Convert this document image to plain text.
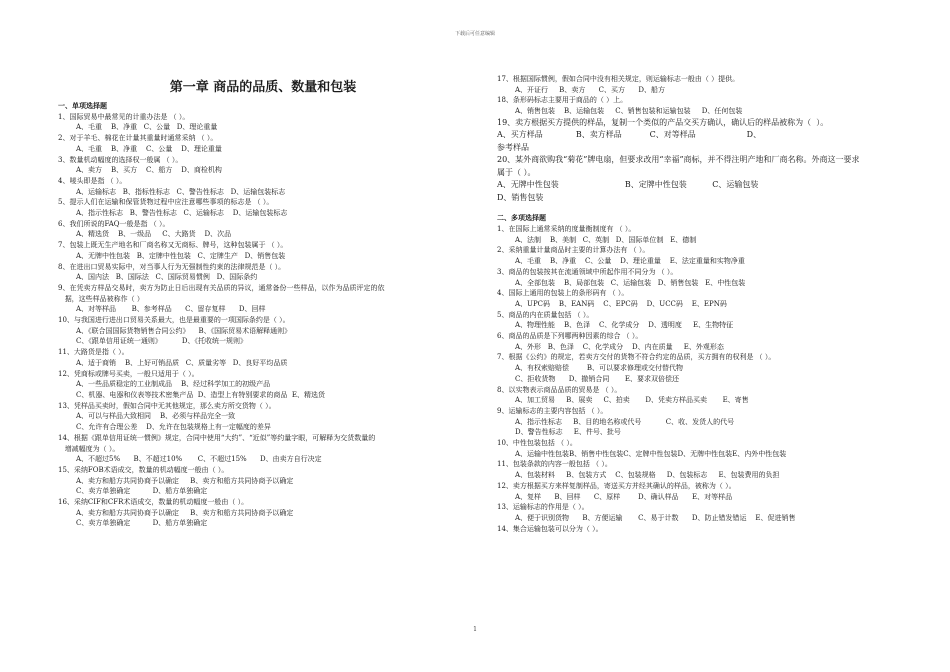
下载后可任意编辑
第一章 商品的品质、数量和包装
一、单项选择题
1、国际贸易中最常见的计重办法是 （ ）。
A、毛重    B、净重   C、公量   D、理论重量
2、对于羊毛、棉花在计量其重量时通常采纳 （ ）。
A、毛重    B、净重    C、公量    D、理论重量
3、数量机动幅度的选择权一般属 （ ）。
A、卖方    B、买方    C、船方    D、商检机构
4、唛头即是指 （ ）。
A、运输标志   B、指标性标志   C、警告性标志   D、运输包装标志
5、提示人们在运输和保管货物过程中应注意哪些事项的标志是 （ ）。
A、指示性标志   B、警告性标志   C、运输标志    D、运输包装标志
6、我们所说的FAQ一般是指 （ ）。
A、精选货    B、一级品     C、大路货    D、次品
7、包装上既无生产地名和厂商名称又无商标、牌号，这种包装属于 （ ）。
A、无牌中性包装   B、定牌中性包装   C、定牌生产   D、销售包装
8、在进出口贸易实际中，对当事人行为无强制性约束的法律规范是（ ）。
A、国内法   B、国际法   C、国际贸易惯例   D、国际条约
9、在凭卖方样品交易时，卖方为防止日后出现有关品质的异议，通常备份一些样品，以作为品质评定的依
据，这些样品被称作（ ）
A、对等样品       B、参考样品      C、留存复样      D、回样
10、与我国进行进出口贸易关系最大，也是最重要的一项国际条约是（ ）。
A、《联合国国际货物销售合同公约》    B、《国际贸易术语解释通则》
C、《跟单信用证统一通则》         D、《托收统一规则》
11、大路货是指（ ）。
A、适于商销    B、上好可销品质   C、质量劣等   D、良好平均品质
12、凭商标或牌号买卖，一般只适用于（ ）。
A、一些品质稳定的工业制成品    B、经过科学加工的初级产品
C、机器、电器和仪表等技术密集产品  D、造型上有特别要求的商品  E、精选货
13、凭样品买卖时，假如合同中无其他规定，那么卖方所交货物（ ）。
A、可以与样品大致相同    B、必须与样品完全一致
C、允许有合理公差    D、允许在包装规格上有一定幅度的差异
14、根据《跟单信用证统一惯例》规定，合同中使用“大约”、“近似”等约量字眼，可解释为交货数量的
增减幅度为（ ）。
A、不超过5%      B、不超过10%       C、不超过15%      D、由卖方自行决定
15、采纳FOB术语成交，数量的机动幅度一般由（ ）。
A、卖方和船方共同协商予以确定     B、卖方和船方共同协商予以确定
C、卖方单独确定          D、船方单独确定
16、采纳CIF和CFR术语成交，数量的机动幅度一般由（ ）。
A、卖方和船方共同协商予以确定     B、卖方和船方共同协商予以确定
C、卖方单独确定          D、船方单独确定
17、根据国际惯例，假如合同中没有相关规定，则运输标志一般由（ ）提供。
A、开证行     B、卖方      C、买方      D、船方
18、条形码标志主要用于商品的（ ）上。
A、销售包装    B、运输包装     C、销售包装和运输包装     D、任何包装
19、卖方根据买方提供的样品，复制一个类似的产品交买方确认，确认后的样品被称为（  ）。
A、买方样品             B、卖方样品           C、对等样品                    D、
参考样品
20、某外商欲购我“菊花”牌电扇，但要求改用“幸福”商标，并不得注明产地和厂商名称。外商这一要求
属于（ ）。
A、无牌中性包装                          B、定牌中性包装          C、运输包装
D、销售包装
二、多项选择题
1、在国际上通常采纳的度量衡制度有 （ ）。
A、法制    B、美制   C、英制   D、国际单位制   E、德制
2、采纳重量计量商品时主要的计算办法有 （ ）。
A、毛重    B、净重    C、公量    D、理论重量    E、法定重量和实物净重
3、商品的包装按其在流通领域中所起作用不同分为 （ ）。
A、全部包装    B、局部包装   C、运输包装   D、销售包装   E、中性包装
4、国际上通用的包装上的条形码有 （ ）。
A、UPC码    B、EAN码    C、EPC码    D、UCC码    E、EPN码
5、商品的内在质量包括 （ ）。
A、物理性能    B、色泽    C、化学成分    D、透明度     E、生物特征
6、商品的品质是下列哪两种因素的综合 （ ）。
A、外形   B、色泽    C、化学成分    D、内在质量     E、外观形态
7、根据《公约》的规定，若卖方交付的货物不符合约定的品质，买方拥有的权利是 （ ）。
A、有权索赔赔偿        B、可以要求修理或交付替代物
C、拒收货物      D、撤销合同       E、要求双倍偿还
8、以实物表示商品品质的贸易是 （ ）。
A、加工贸易     B、展卖     C、拍卖       D、凭卖方样品买卖       E、寄售
9、运输标志的主要内容包括 （ ）。
A、指示性标志     B、目的地名称或代号           C、收、发货人的代号
D、警告性标志     E、件号、批号
10、中性包装包括 （ ）。
A、运输中性包装B、销售中性包装C、定牌中性包装D、无牌中性包装E、内外中性包装
11、包装条款的内容一般包括 （ ）。
A、包装材料     B、包装方式    C、包装规格     D、包装标志     E、包装费用的负担
12、卖方根据买方来样复制样品，寄送买方并经其确认的样品，被称为（ ）。
A、复样      B、回样      C、原样        D、确认样品      E、对等样品
13、运输标志的作用是（ ）。
A、便于识别货物      B、方便运输       C、易于计数      D、防止错发错运    E、促进销售
14、集合运输包装可以分为（ ）。
1
